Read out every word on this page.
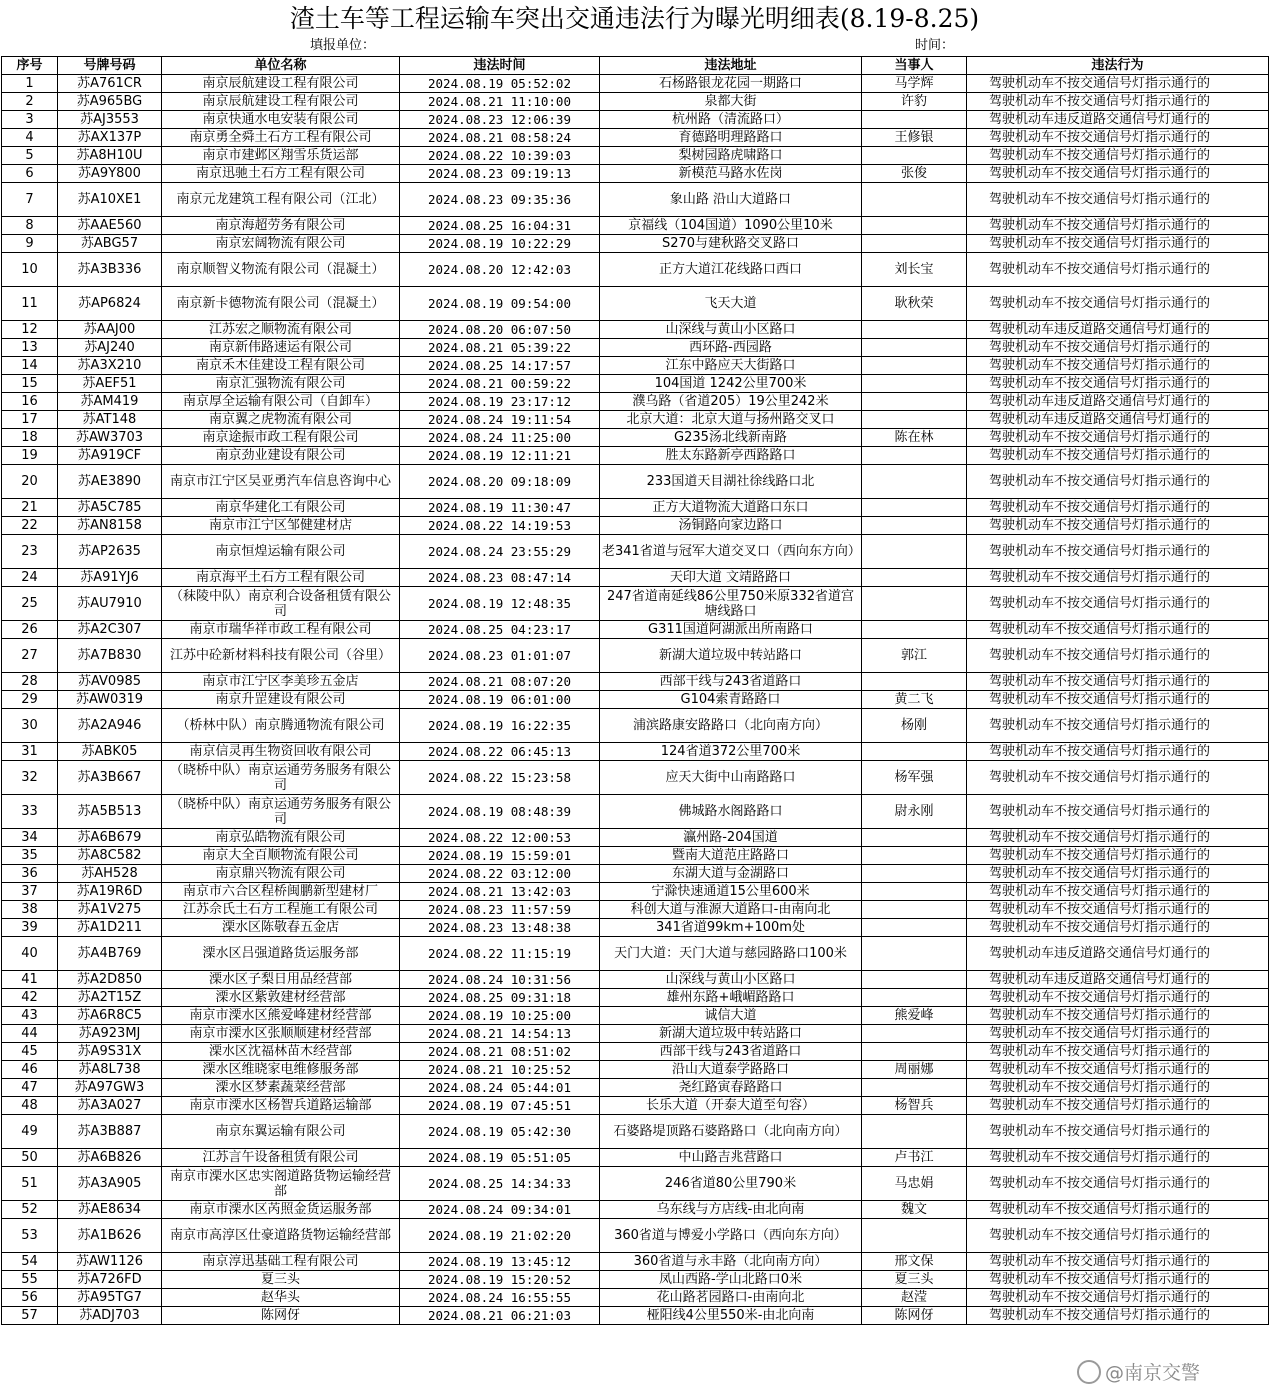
渣土车等工程运输车突出交通违法行为曝光明细表(8.19-8.25)
填报单位：	时间：
序号	号牌号码	单位名称	违法时间	违法地址	当事人	违法行为
1	苏A761CR	南京辰航建设工程有限公司	2024.08.19 05:52:02	石杨路银龙花园一期路口	马学辉	驾驶机动车不按交通信号灯指示通行的
2	苏A965BG	南京辰航建设工程有限公司	2024.08.21 11:10:00	泉都大街	许豹	驾驶机动车不按交通信号灯指示通行的
3	苏AJ3553	南京快通水电安装有限公司	2024.08.23 12:06:39	杭州路（清流路口）		驾驶机动车违反道路交通信号灯通行的
4	苏AX137P	南京勇全舜土石方工程有限公司	2024.08.21 08:58:24	育德路明理路路口	王修银	驾驶机动车不按交通信号灯指示通行的
5	苏A8H10U	南京市建邺区翔雪乐货运部	2024.08.22 10:39:03	梨树园路虎啸路口		驾驶机动车不按交通信号灯指示通行的
6	苏A9Y800	南京迅驰土石方工程有限公司	2024.08.23 09:19:13	新模范马路水佐岗	张俊	驾驶机动车不按交通信号灯指示通行的
7	苏A10XE1	南京元龙建筑工程有限公司（江北）	2024.08.23 09:35:36	象山路 沿山大道路口		驾驶机动车不按交通信号灯指示通行的
8	苏AAE560	南京海超劳务有限公司	2024.08.25 16:04:31	京福线（104国道）1090公里10米		驾驶机动车不按交通信号灯指示通行的
9	苏ABG57	南京宏阔物流有限公司	2024.08.19 10:22:29	S270与建秋路交叉路口		驾驶机动车不按交通信号灯指示通行的
10	苏A3B336	南京顺智义物流有限公司（混凝土）	2024.08.20 12:42:03	正方大道江花线路口西口	刘长宝	驾驶机动车不按交通信号灯指示通行的
11	苏AP6824	南京新卡德物流有限公司（混凝土）	2024.08.19 09:54:00	飞天大道	耿秋荣	驾驶机动车不按交通信号灯指示通行的
12	苏AAJ00	江苏宏之顺物流有限公司	2024.08.20 06:07:50	山深线与黄山小区路口		驾驶机动车违反道路交通信号灯通行的
13	苏AJ240	南京新伟路速运有限公司	2024.08.21 05:39:22	西环路-西园路		驾驶机动车不按交通信号灯指示通行的
14	苏A3X210	南京禾木佳建设工程有限公司	2024.08.25 14:17:57	江东中路应天大街路口		驾驶机动车不按交通信号灯指示通行的
15	苏AEF51	南京汇强物流有限公司	2024.08.21 00:59:22	104国道 1242公里700米		驾驶机动车不按交通信号灯指示通行的
16	苏AM419	南京厚全运输有限公司（自卸车）	2024.08.19 23:17:12	濮乌路（省道205）19公里242米		驾驶机动车违反道路交通信号灯通行的
17	苏AT148	南京翼之虎物流有限公司	2024.08.24 19:11:54	北京大道：北京大道与扬州路交叉口		驾驶机动车违反道路交通信号灯通行的
18	苏AW3703	南京途振市政工程有限公司	2024.08.24 11:25:00	G235汤北线新南路	陈在林	驾驶机动车不按交通信号灯指示通行的
19	苏A919CF	南京劲业建设有限公司	2024.08.19 12:11:21	胜太东路新亭西路路口		驾驶机动车不按交通信号灯指示通行的
20	苏AE3890	南京市江宁区吴亚勇汽车信息咨询中心	2024.08.20 09:18:09	233国道天目湖社徐线路口北		驾驶机动车不按交通信号灯指示通行的
21	苏A5C785	南京华建化工有限公司	2024.08.19 11:30:47	正方大道物流大道路口东口		驾驶机动车不按交通信号灯指示通行的
22	苏AN8158	南京市江宁区邹健建材店	2024.08.22 14:19:53	汤铜路向家边路口		驾驶机动车不按交通信号灯指示通行的
23	苏AP2635	南京恒煌运输有限公司	2024.08.24 23:55:29	老341省道与冠军大道交叉口（西向东方向）		驾驶机动车不按交通信号灯指示通行的
24	苏A91YJ6	南京海平土石方工程有限公司	2024.08.23 08:47:14	天印大道 文靖路路口		驾驶机动车不按交通信号灯指示通行的
25	苏AU7910	（秣陵中队）南京利合设备租赁有限公司	2024.08.19 12:48:35	247省道南延线86公里750米原332省道宫塘线路口		驾驶机动车不按交通信号灯指示通行的
26	苏A2C307	南京市瑞华祥市政工程有限公司	2024.08.25 04:23:17	G311国道阿湖派出所南路口		驾驶机动车不按交通信号灯指示通行的
27	苏A7B830	江苏中砼新材料科技有限公司（谷里）	2024.08.23 01:01:07	新湖大道垃圾中转站路口	郭江	驾驶机动车不按交通信号灯指示通行的
28	苏AV0985	南京市江宁区李美珍五金店	2024.08.21 08:07:20	西部干线与243省道路口		驾驶机动车不按交通信号灯指示通行的
29	苏AW0319	南京升罡建设有限公司	2024.08.19 06:01:00	G104索青路路口	黄二飞	驾驶机动车不按交通信号灯指示通行的
30	苏A2A946	（桥林中队）南京腾通物流有限公司	2024.08.19 16:22:35	浦滨路康安路路口（北向南方向）	杨刚	驾驶机动车不按交通信号灯指示通行的
31	苏ABK05	南京信灵再生物资回收有限公司	2024.08.22 06:45:13	124省道372公里700米		驾驶机动车不按交通信号灯指示通行的
32	苏A3B667	（晓桥中队）南京运通劳务服务有限公司	2024.08.22 15:23:58	应天大街中山南路路口	杨军强	驾驶机动车不按交通信号灯指示通行的
33	苏A5B513	（晓桥中队）南京运通劳务服务有限公司	2024.08.19 08:48:39	佛城路水阁路路口	尉永刚	驾驶机动车不按交通信号灯指示通行的
34	苏A6B679	南京弘皓物流有限公司	2024.08.22 12:00:53	瀛州路-204国道		驾驶机动车不按交通信号灯指示通行的
35	苏A8C582	南京大全百顺物流有限公司	2024.08.19 15:59:01	暨南大道范庄路路口		驾驶机动车不按交通信号灯指示通行的
36	苏AH528	南京鼎兴物流有限公司	2024.08.22 03:12:00	东湖大道与金湖路口		驾驶机动车不按交通信号灯指示通行的
37	苏A19R6D	南京市六合区程桥闽鹏新型建材厂	2024.08.21 13:42:03	宁滁快速通道15公里600米		驾驶机动车不按交通信号灯指示通行的
38	苏A1V275	江苏佘氏土石方工程施工有限公司	2024.08.23 11:57:59	科创大道与淮源大道路口-由南向北		驾驶机动车不按交通信号灯指示通行的
39	苏A1D211	溧水区陈敬春五金店	2024.08.23 13:48:38	341省道99km+100m处		驾驶机动车不按交通信号灯指示通行的
40	苏A4B769	溧水区吕强道路货运服务部	2024.08.22 11:15:19	天门大道：天门大道与慈园路路口100米		驾驶机动车违反道路交通信号灯通行的
41	苏A2D850	溧水区子梨日用品经营部	2024.08.24 10:31:56	山深线与黄山小区路口		驾驶机动车违反道路交通信号灯通行的
42	苏A2T15Z	溧水区紫敦建材经营部	2024.08.25 09:31:18	雄州东路+峨嵋路路口		驾驶机动车不按交通信号灯指示通行的
43	苏A6R8C5	南京市溧水区熊爱峰建材经营部	2024.08.19 10:25:00	诚信大道	熊爱峰	驾驶机动车不按交通信号灯指示通行的
44	苏A923MJ	南京市溧水区张顺顺建材经营部	2024.08.21 14:54:13	新湖大道垃圾中转站路口		驾驶机动车不按交通信号灯指示通行的
45	苏A9S31X	溧水区沈福林苗木经营部	2024.08.21 08:51:02	西部干线与243省道路口		驾驶机动车不按交通信号灯指示通行的
46	苏A8L738	溧水区维晓家电维修服务部	2024.08.21 10:25:52	沿山大道泰学路路口	周丽娜	驾驶机动车不按交通信号灯指示通行的
47	苏A97GW3	溧水区梦素蔬菜经营部	2024.08.24 05:44:01	尧红路寅春路路口		驾驶机动车不按交通信号灯指示通行的
48	苏A3A027	南京市溧水区杨智兵道路运输部	2024.08.19 07:45:51	长乐大道（开泰大道至句容）	杨智兵	驾驶机动车不按交通信号灯指示通行的
49	苏A3B887	南京东翼运输有限公司	2024.08.19 05:42:30	石婆路堤顶路石婆路路口（北向南方向）		驾驶机动车不按交通信号灯指示通行的
50	苏A6B826	江苏言午设备租赁有限公司	2024.08.19 05:51:05	中山路吉兆营路口	卢书江	驾驶机动车不按交通信号灯指示通行的
51	苏A3A905	南京市溧水区忠实阁道路货物运输经营部	2024.08.25 14:34:33	246省道80公里790米	马忠娟	驾驶机动车不按交通信号灯指示通行的
52	苏AE8634	南京市溧水区芮照金货运服务部	2024.08.24 09:34:01	乌东线与方店线-由北向南	魏文	驾驶机动车不按交通信号灯指示通行的
53	苏A1B626	南京市高淳区仕豪道路货物运输经营部	2024.08.19 21:02:20	360省道与博爱小学路口（西向东方向）		驾驶机动车不按交通信号灯指示通行的
54	苏AW1126	南京淳迅基础工程有限公司	2024.08.19 13:45:12	360省道与永丰路（北向南方向）	邢文保	驾驶机动车不按交通信号灯指示通行的
55	苏A726FD	夏三头	2024.08.19 15:20:52	凤山西路-学山北路口0米	夏三头	驾驶机动车不按交通信号灯指示通行的
56	苏A95TG7	赵华头	2024.08.24 16:55:55	花山路茗园路口-由南向北	赵滢	驾驶机动车不按交通信号灯指示通行的
57	苏ADJ703	陈网伢	2024.08.21 06:21:03	桠阳线4公里550米-由北向南	陈网伢	驾驶机动车不按交通信号灯指示通行的
@南京交警
